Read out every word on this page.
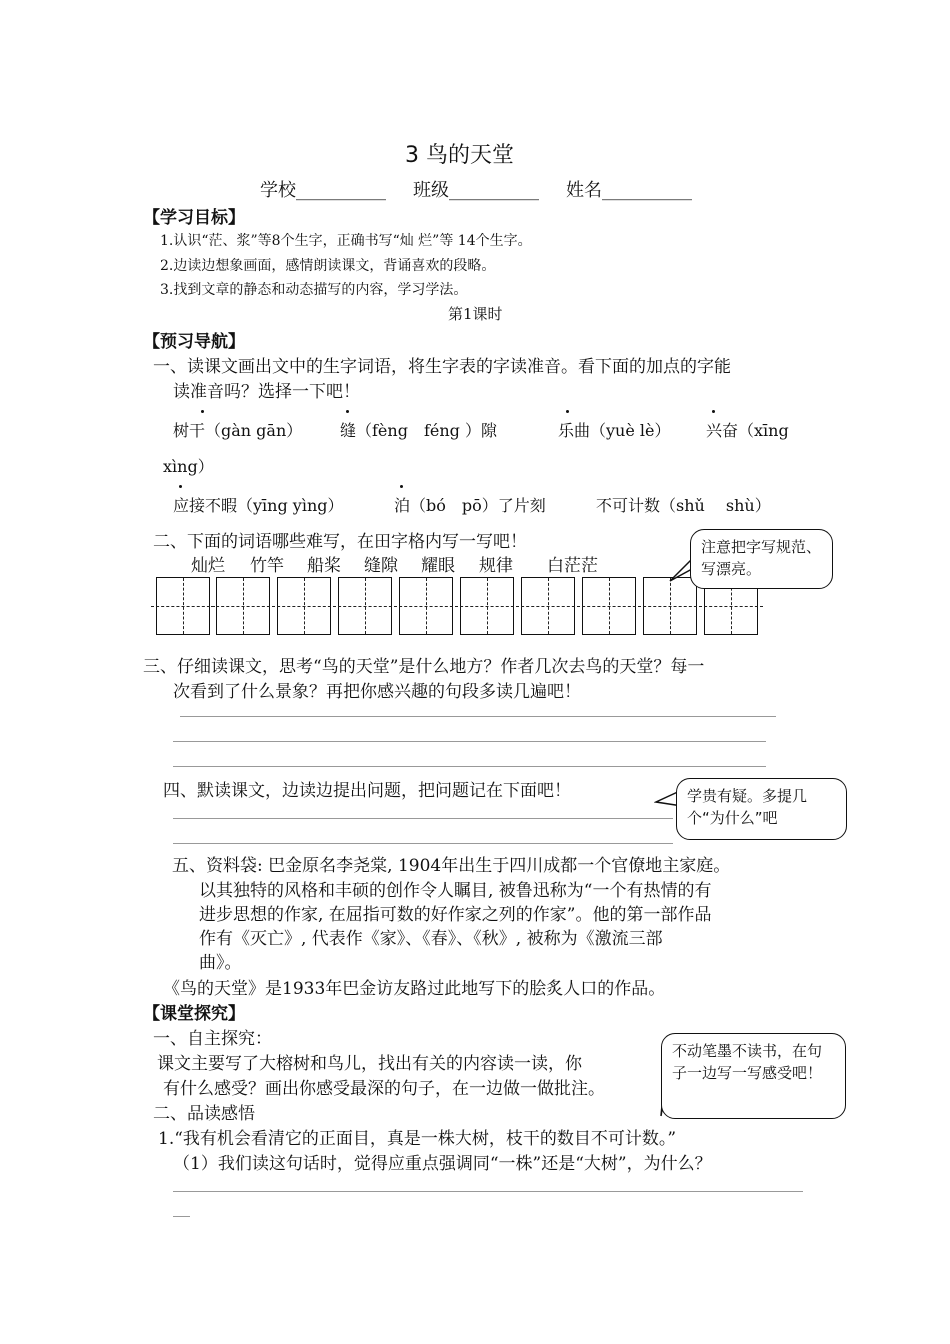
3 鸟的天堂
学校__________ 班级__________ 姓名__________
【学习目标】
1.认识“茫、浆”等8个生字，正确书写“灿 烂”等 14个生字。
2.边读边想象画面，感情朗读课文，背诵喜欢的段略。
3.找到文章的静态和动态描写的内容，学习学法。
第1课时
【预习导航】
一、读课文画出文中的生字词语，将生字表的字读准音。看下面的加点的字能
读准音吗？选择一下吧！
树干（gàn gān） 缝（fèng　féng ）隙	乐曲（yuè lè） 兴奋（xīng
xìng）
应接不暇（yīng yìng）	泊（bó　pō）了片刻	不可计数（shǔ　 shù）
二、下面的词语哪些难写，在田字格内写一写吧！
灿烂 竹竿 船桨 缝隙 耀眼 规律 白茫茫
注意把字写规范、写漂亮。
三、仔细读课文，思考“鸟的天堂”是什么地方？作者几次去鸟的天堂？每一
次看到了什么景象？再把你感兴趣的句段多读几遍吧！
四、默读课文，边读边提出问题，把问题记在下面吧！	学贵有疑。多提几个“为什么”吧
五、资料袋: 巴金原名李尧棠, 1904年出生于四川成都一个官僚地主家庭。
以其独特的风格和丰硕的创作令人瞩目, 被鲁迅称为“一个有热情的有
进步思想的作家, 在屈指可数的好作家之列的作家”。他的第一部作品
作有《灭亡》, 代表作《家》、《春》、《秋》, 被称为《激流三部
曲》。
《鸟的天堂》是1933年巴金访友路过此地写下的脍炙人口的作品。
【课堂探究】
一、自主探究：
课文主要写了大榕树和鸟儿，找出有关的内容读一读，你
有什么感受？画出你感受最深的句子，在一边做一做批注。
不动笔墨不读书，在句子一边写一写感受吧！
二、品读感悟
1.“我有机会看清它的正面目，真是一株大树，枝干的数目不可计数。”
（1）我们读这句话时，觉得应重点强调同“一株”还是“大树”，为什么？
